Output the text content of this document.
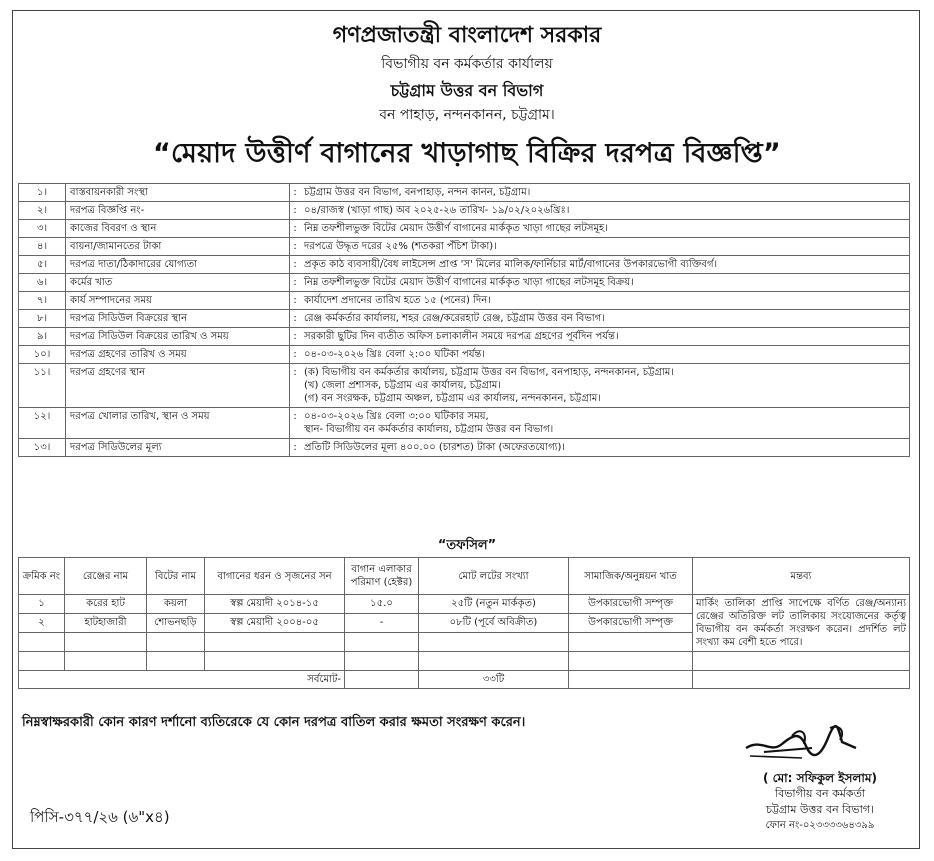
গণপ্রজাতন্ত্রী বাংলাদেশ সরকার
বিভাগীয় বন কর্মকর্তার কার্যালয়
চট্টগ্রাম উত্তর বন বিভাগ
বন পাহাড়, নন্দনকানন, চট্টগ্রাম।
“মেয়াদ উত্তীর্ণ বাগানের খাড়াগাছ বিক্রির দরপত্র বিজ্ঞপ্তি”
১।	বাস্তবায়নকারী সংস্থা	:	চট্টগ্রাম উত্তর বন বিভাগ, বনপাহাড়, নন্দন কানন, চট্টগ্রাম।

২।	দরপত্র বিজ্ঞপ্তি নং-	:	০৪/রাজস্ব (খাড়া গাছ) অব ২০২৫-২৬ তারিখ- ১৯/০২/২০২৬খ্রিঃ।

৩।	কাজের বিবরণ ও স্থান	:	নিম্ন তফশীলভুক্ত বিটের মেয়াদ উত্তীর্ণ বাগানের মার্ককৃত খাড়া গাছের লটসমূহ।

৪।	বায়না/জামানতের টাকা	:	দরপত্রে উদ্ধৃত দরের ২৫% (শতকরা পঁচিশ টাকা)।

৫।	দরপত্র দাতা/ঠিকাদারের যোগ্যতা	:	প্রকৃত কাঠ ব্যবসায়ী/বৈধ লাইসেন্স প্রাপ্ত 'স' মিলের মালিক/ফার্নিচার মার্ট/বাগানের উপকারভোগী ব্যক্তিবর্গ।

৬।	কর্মের খাত	:	নিম্ন তফশীলভুক্ত বিটের মেয়াদ উত্তীর্ণ বাগানের মার্ককৃত খাড়া গাছের লটসমূহ বিক্রয়।

৭।	কার্য সম্পাদনের সময়	:	কার্যাদেশ প্রদানের তারিখ হতে ১৫ (পনের) দিন।

৮।	দরপত্র সিডিউল বিক্রয়ের স্থান	:	রেঞ্জ কর্মকর্তার কার্যালয়, শহর রেঞ্জ/করেরহাট রেঞ্জ, চট্টগ্রাম উত্তর বন বিভাগ।

৯।	দরপত্র সিডিউল বিক্রয়ের তারিখ ও সময়	:	সরকারী ছুটির দিন ব্যতীত অফিস চলাকালীন সময়ে দরপত্র গ্রহণের পূর্বদিন পর্যন্ত।

১০।	দরপত্র গ্রহণের তারিখ ও সময়	:	০৪-০৩-২০২৬ খ্রিঃ বেলা ২:০০ ঘটিকা পর্যন্ত।

১১।	দরপত্র গ্রহণের স্থান	:	(ক) বিভাগীয় বন কর্মকর্তার কার্যালয়, চট্টগ্রাম উত্তর বন বিভাগ, বনপাহাড়, নন্দনকানন, চট্টগ্রাম।
(খ) জেলা প্রশাসক, চট্টগ্রাম এর কার্যালয়, চট্টগ্রাম।
(গ) বন সংরক্ষক, চট্টগ্রাম অঞ্চল, চট্টগ্রাম এর কার্যালয়, নন্দনকানন, চট্টগ্রাম।

১২।	দরপত্র খোলার তারিখ, স্থান ও সময়	:	০৪-০৩-২০২৬ খ্রিঃ বেলা ৩:০০ ঘটিকার সময়,
স্থান- বিভাগীয় বন কর্মকর্তার কার্যালয়, চট্টগ্রাম উত্তর বন বিভাগ।

১৩।	দরপত্র সিডিউলের মূল্য	:	প্রতিটি সিডিউলের মূল্য ৪০০.০০ (চারশত) টাকা (অফেরতযোগ্য)।
“তফসিল”
ক্রমিক নং	রেঞ্জের নাম	বিটের নাম	বাগানের ধরন ও সৃজনের সন	বাগান এলাকার পরিমাণ (হেক্টর)	মোট লটের সংখ্যা	সামাজিক/অনুন্নয়ন খাত	মন্তব্য
১	করের হাট	কয়লা	স্বল্প মেয়াদী ২০১৪-১৫	১৫.০	২৫টি (নতুন মার্ককৃত)	উপকারভোগী সম্পৃক্ত	মার্কিং তালিকা প্রাপ্তি সাপেক্ষে বর্ণিত রেঞ্জ/অন্যান্য রেঞ্জের অতিরিক্ত লট তালিকায় সংযোজনের কর্তৃত্ব বিভাগীয় বন কর্মকর্তা সংরক্ষণ করেন। প্রদর্শিত লট সংখ্যা কম বেশী হতে পারে।
২	হাটহাজারী	শোভনছড়ি	স্বল্প মেয়াদী ২০০৪-০৫	-	০৮টি (পূর্বে অবিক্রীত)	উপকারভোগী সম্পৃক্ত	

সর্বমোট-					৩৩টি		
নিম্নস্বাক্ষরকারী কোন কারণ দর্শানো ব্যতিরেকে যে কোন দরপত্র বাতিল করার ক্ষমতা সংরক্ষণ করেন।
( মো: সফিকুল ইসলাম)
বিভাগীয় বন কর্মকর্তা
চট্টগ্রাম উত্তর বন বিভাগ।
ফোন নং-০২৩৩৩৩৬৪৩৯৯
পিসি-৩৭৭/২৬ (৬"x৪)
